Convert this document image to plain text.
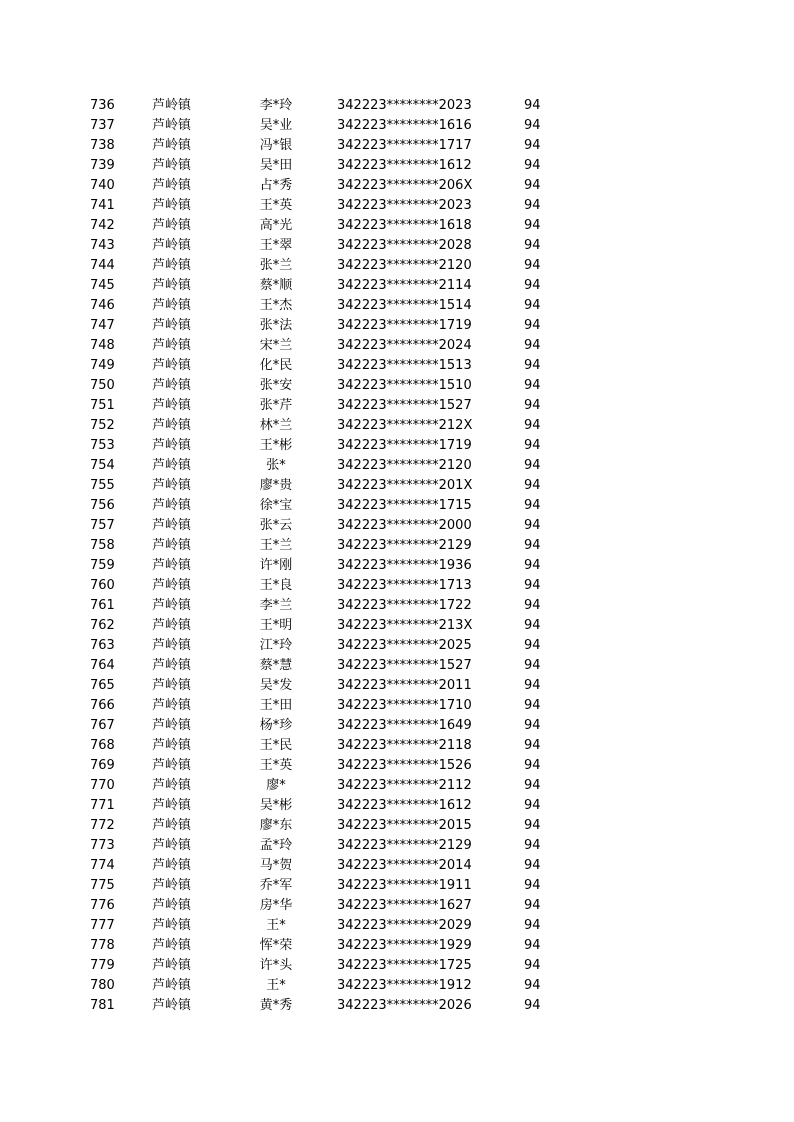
736	芦岭镇	李*玲	342223********2023	94
737	芦岭镇	吴*业	342223********1616	94
738	芦岭镇	冯*银	342223********1717	94
739	芦岭镇	吴*田	342223********1612	94
740	芦岭镇	占*秀	342223********206X	94
741	芦岭镇	王*英	342223********2023	94
742	芦岭镇	高*光	342223********1618	94
743	芦岭镇	王*翠	342223********2028	94
744	芦岭镇	张*兰	342223********2120	94
745	芦岭镇	蔡*顺	342223********2114	94
746	芦岭镇	王*杰	342223********1514	94
747	芦岭镇	张*法	342223********1719	94
748	芦岭镇	宋*兰	342223********2024	94
749	芦岭镇	化*民	342223********1513	94
750	芦岭镇	张*安	342223********1510	94
751	芦岭镇	张*芹	342223********1527	94
752	芦岭镇	林*兰	342223********212X	94
753	芦岭镇	王*彬	342223********1719	94
754	芦岭镇	张*	342223********2120	94
755	芦岭镇	廖*贵	342223********201X	94
756	芦岭镇	徐*宝	342223********1715	94
757	芦岭镇	张*云	342223********2000	94
758	芦岭镇	王*兰	342223********2129	94
759	芦岭镇	许*刚	342223********1936	94
760	芦岭镇	王*良	342223********1713	94
761	芦岭镇	李*兰	342223********1722	94
762	芦岭镇	王*明	342223********213X	94
763	芦岭镇	江*玲	342223********2025	94
764	芦岭镇	蔡*慧	342223********1527	94
765	芦岭镇	吴*发	342223********2011	94
766	芦岭镇	王*田	342223********1710	94
767	芦岭镇	杨*珍	342223********1649	94
768	芦岭镇	王*民	342223********2118	94
769	芦岭镇	王*英	342223********1526	94
770	芦岭镇	廖*	342223********2112	94
771	芦岭镇	吴*彬	342223********1612	94
772	芦岭镇	廖*东	342223********2015	94
773	芦岭镇	孟*玲	342223********2129	94
774	芦岭镇	马*贺	342223********2014	94
775	芦岭镇	乔*军	342223********1911	94
776	芦岭镇	房*华	342223********1627	94
777	芦岭镇	王*	342223********2029	94
778	芦岭镇	恽*荣	342223********1929	94
779	芦岭镇	许*头	342223********1725	94
780	芦岭镇	王*	342223********1912	94
781	芦岭镇	黄*秀	342223********2026	94
